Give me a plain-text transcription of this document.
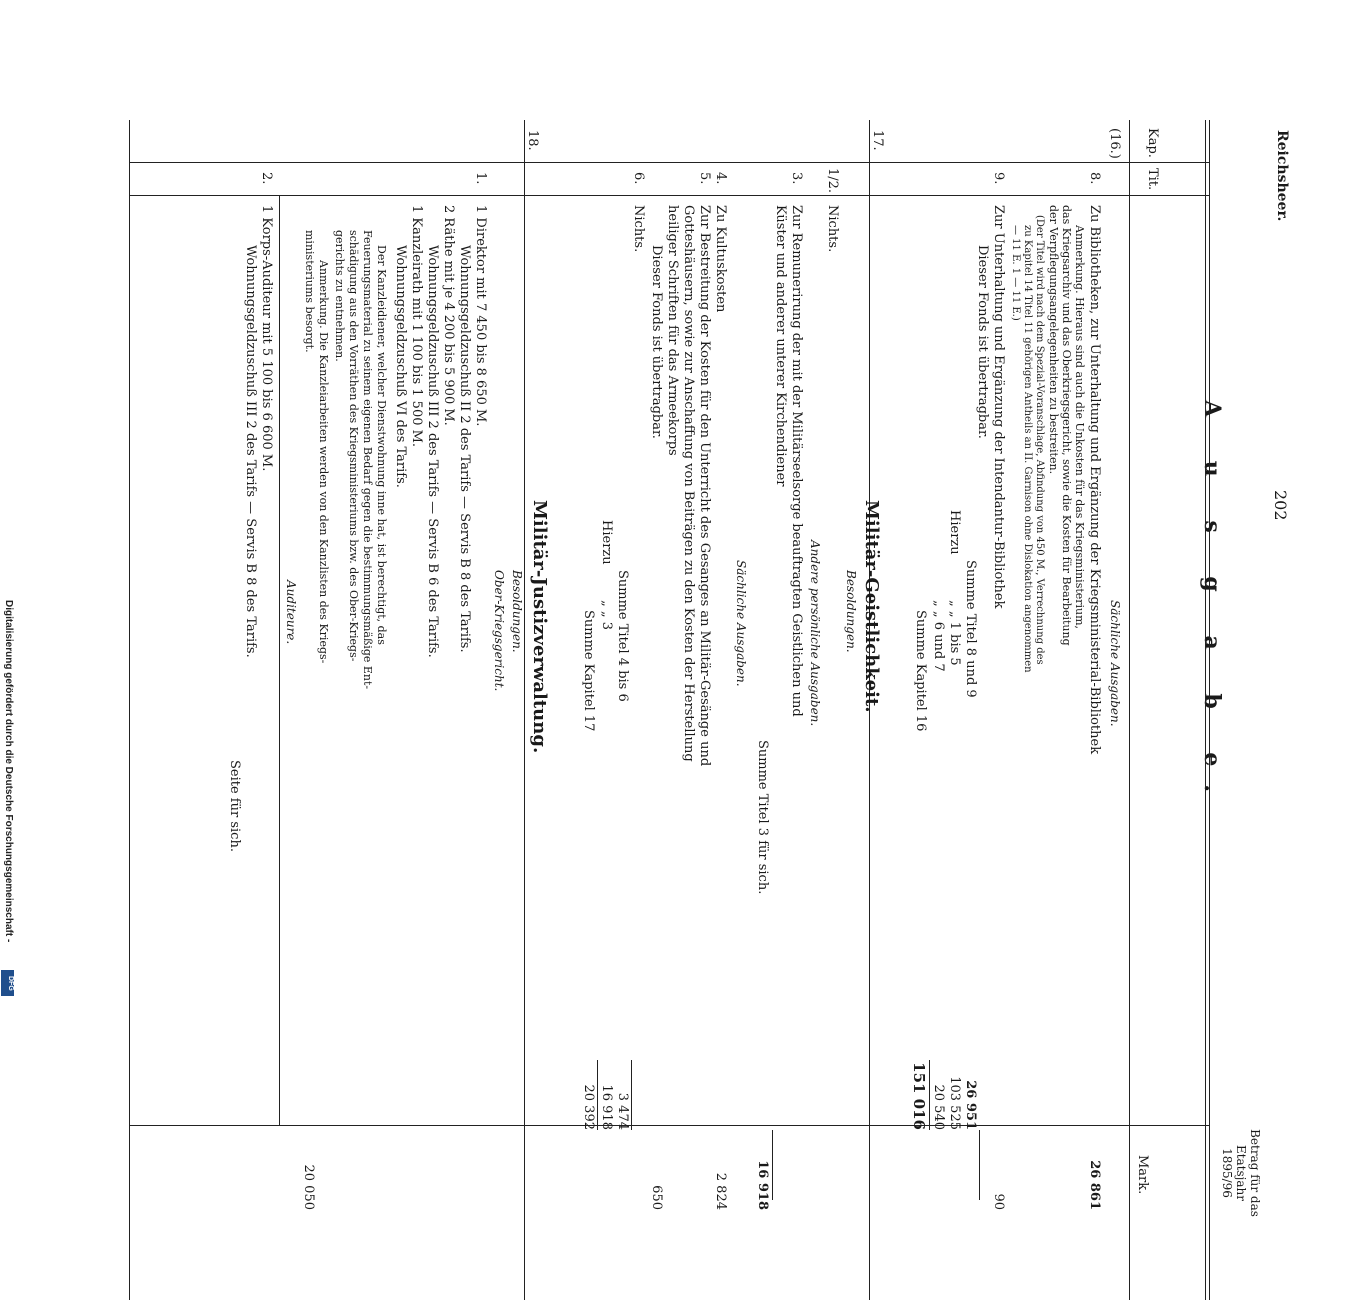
Reichsheer.
202
A u s g a b e.
Kap.
Tit.
Betrag für das Etatsjahr 1895/96
Mark.
(16.)
Sächliche Ausgaben.
8.
Zu Bibliotheken, zur Unterhaltung und Ergänzung der Kriegsministerial-Bibliothek
26 861
Anmerkung. Hieraus sind auch die Unkosten für das Kriegsministerium,
das Kriegsarchiv und das Oberkriegsgericht, sowie die Kosten für Bearbeitung
der Verpflegungsangelegenheiten zu bestreiten.
(Der Titel wird nach dem Spezial-Voranschlage, Abfindung von 450 M., Verrechnung des
zu Kapitel 14 Titel 11 gehörigen Antheils an II. Garnison ohne Dislokation angenommen
— 11 E. 1 — 11 E.)
9.
Zur Unterhaltung und Ergänzung der Intendantur-Bibliothek
90
Dieser Fonds ist übertragbar.
Summe Titel 8 und 9
26 951
Hierzu
„ „ 1 bis 5
103 525
„ „ 6 und 7
20 540
Summe Kapitel 16
151 016
17.
Militär-Geistlichkeit.
Besoldungen.
1/2.
Nichts.
Andere persönliche Ausgaben.
3.
Zur Remunerirung der mit der Militärseelsorge beauftragten Geistlichen und
Küster und anderer unterer Kirchendiener
Summe Titel 3 für sich.
16 918
Sächliche Ausgaben.
4.
Zu Kultuskosten
2 824
5.
Zur Bestreitung der Kosten für den Unterricht des Gesanges an Militär-Gesänge und
Gotteshäusern, sowie zur Anschaffung von Beiträgen zu den Kosten der Herstellung
heiliger Schriften für das Armeekorps
Dieser Fonds ist übertragbar.
650
6.
Nichts.
Summe Titel 4 bis 6
3 474
Hierzu
„ „ 3
16 918
Summe Kapitel 17
20 392
18.
Militär-Justizverwaltung.
Besoldungen.
Ober-Kriegsgericht.
1.
1 Direktor mit 7 450 bis 8 650 M.
Wohnungsgeldzuschuß II 2 des Tarifs — Servis B 8 des Tarifs.
2 Räthe mit je 4 200 bis 5 900 M.
Wohnungsgeldzuschuß III 2 des Tarifs — Servis B 6 des Tarifs.
1 Kanzleirath mit 1 100 bis 1 500 M.
Wohnungsgeldzuschuß VI des Tarifs.
Der Kanzleidiener, welcher Dienstwohnung inne hat, ist berechtigt, das
Feuerungsmaterial zu seinem eigenen Bedarf gegen die bestimmungsmäßige Ent-
schädigung aus den Vorräthen des Kriegsministeriums bzw. des Ober-Kriegs-
gerichts zu entnehmen.
Anmerkung. Die Kanzleiarbeiten werden von den Kanzlisten des Kriegs-
ministeriums besorgt.
20 050
Auditeure.
2.
1 Korps-Auditeur mit 5 100 bis 6 600 M.
Wohnungsgeldzuschuß III 2 des Tarifs — Servis B 8 des Tarifs.
Seite für sich.
Digitalisierung gefördert durch die Deutsche Forschungsgemeinschaft -
DFG
